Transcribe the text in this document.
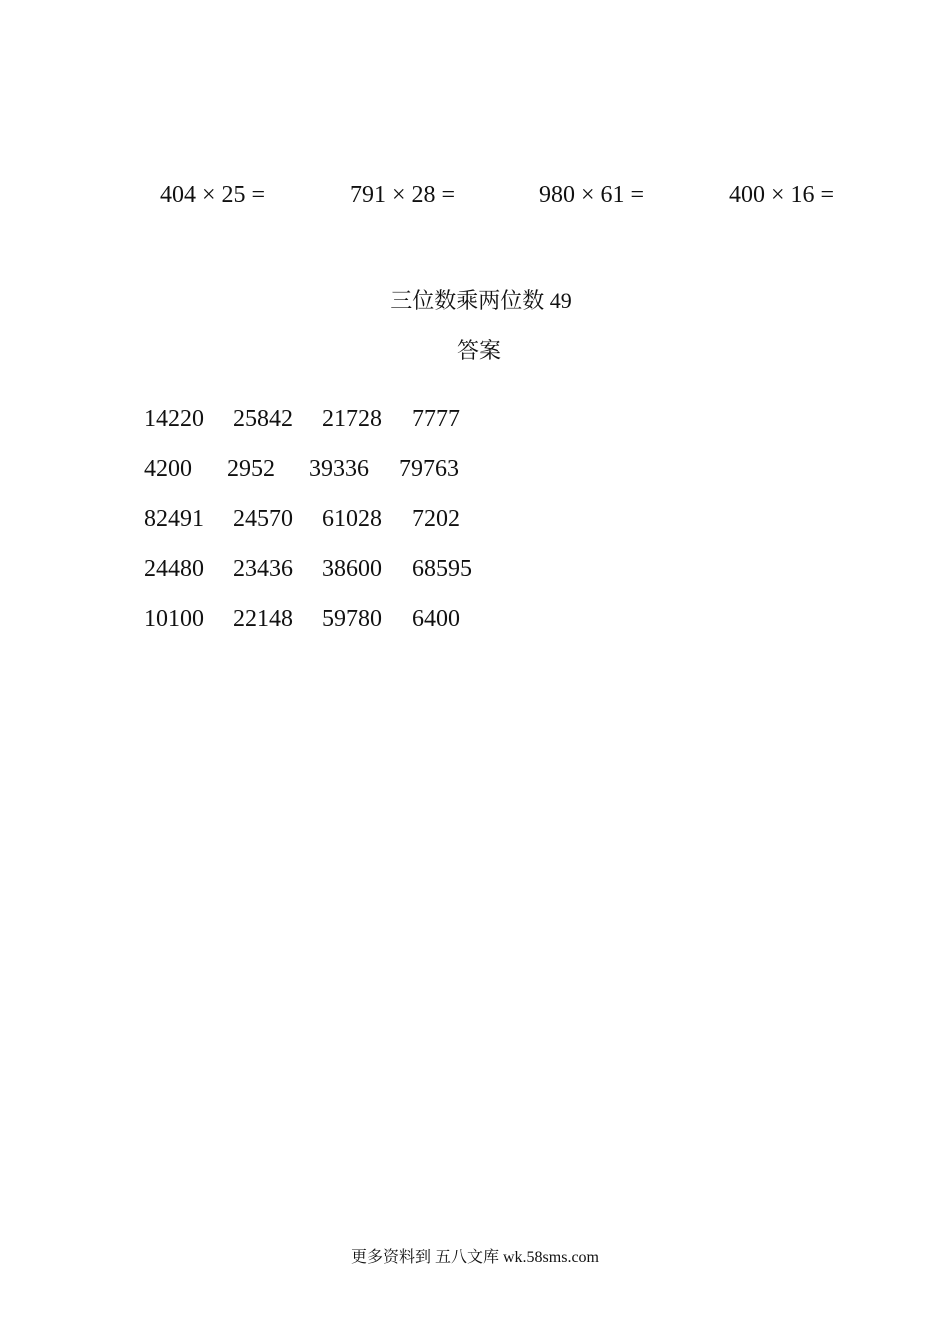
404 × 25 =	791 × 28 =	980 × 61 =	400 × 16 =
三位数乘两位数 49
答案
14220 25842 21728 7777
4200 2952 39336 79763
82491 24570 61028 7202
24480 23436 38600 68595
10100 22148 59780 6400
更多资料到 五八文库 wk.58sms.com
